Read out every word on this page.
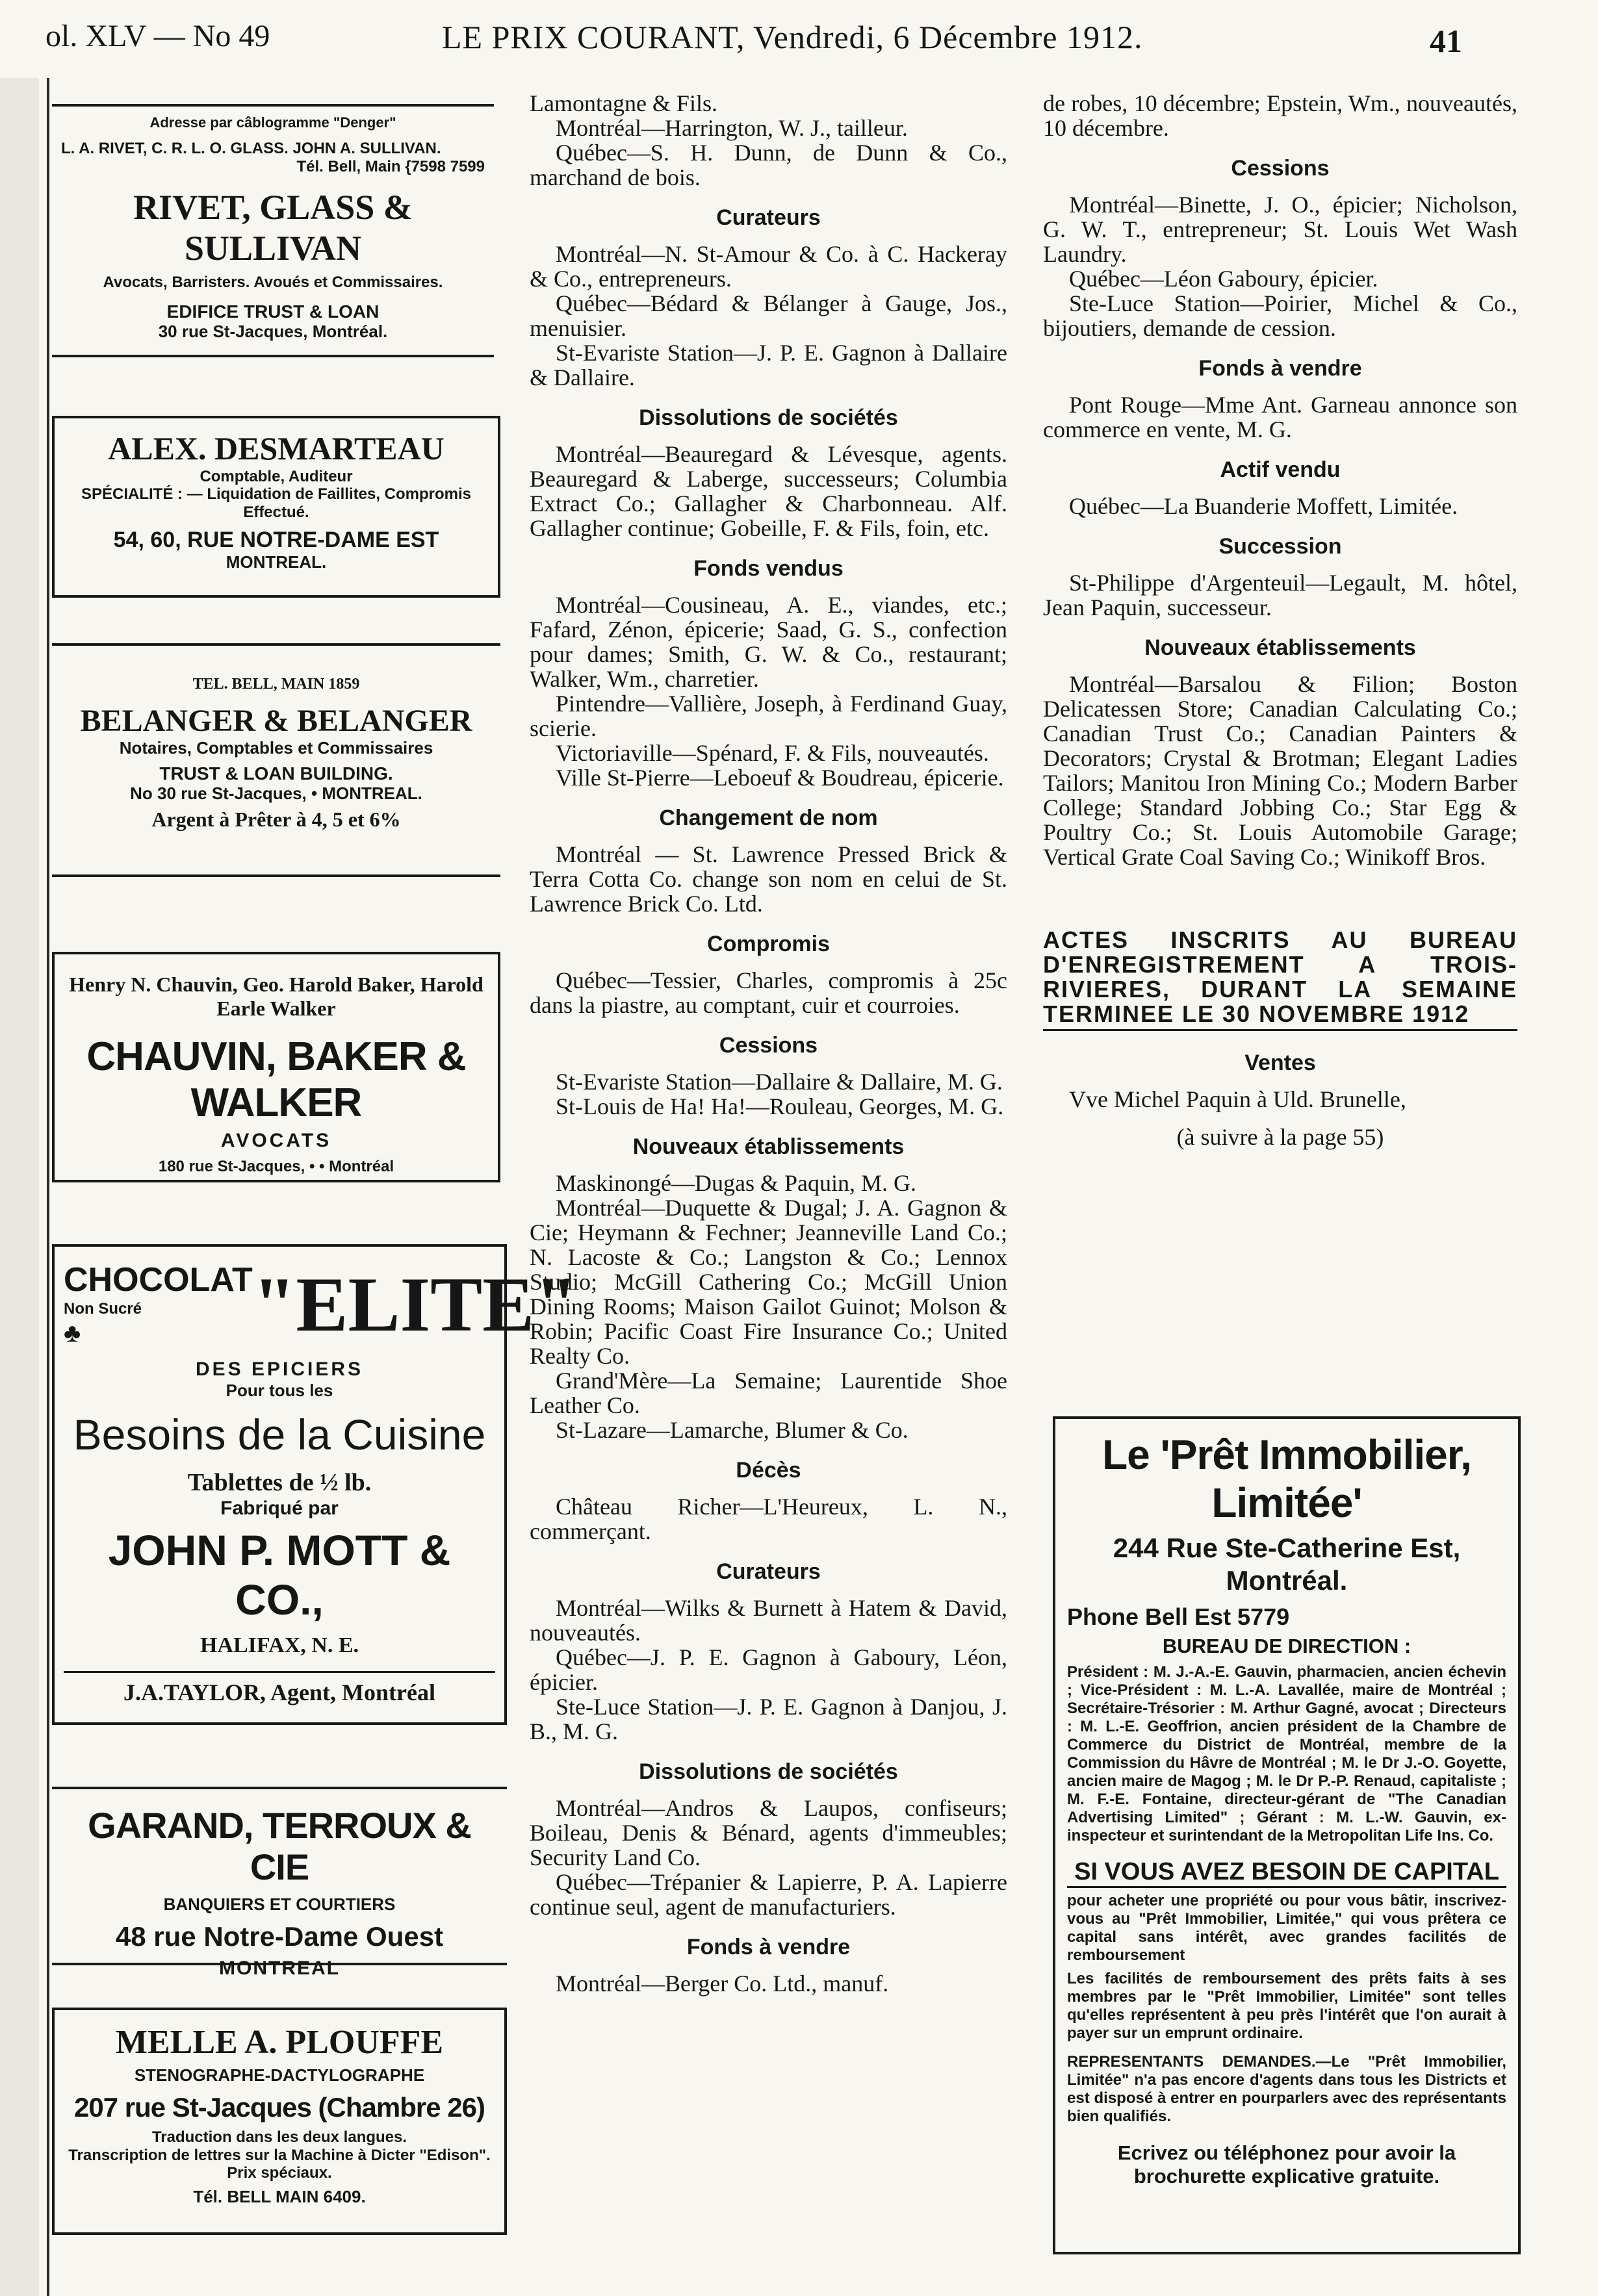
ol. XLV — No 49	LE PRIX COURANT, Vendredi, 6 Décembre 1912.	41
Adresse par câblogramme "Denger"
L. A. RIVET, C. R. L. O. GLASS. JOHN A. SULLIVAN.
Tél. Bell, Main {7598 7599
RIVET, GLASS & SULLIVAN
Avocats, Barristers. Avoués et Commissaires.
EDIFICE TRUST & LOAN
30 rue St-Jacques, Montréal.
ALEX. DESMARTEAU
Comptable, Auditeur
SPÉCIALITÉ : — Liquidation de Faillites, Compromis Effectué.
54, 60, RUE NOTRE-DAME EST
MONTREAL.
TEL. BELL, MAIN 1859
BELANGER & BELANGER
Notaires, Comptables et Commissaires
TRUST & LOAN BUILDING.
No 30 rue St-Jacques, • MONTREAL.
Argent à Prêter à 4, 5 et 6%
Henry N. Chauvin, Geo. Harold Baker, Harold Earle Walker
CHAUVIN, BAKER & WALKER
AVOCATS
180 rue St-Jacques, • • Montréal
CHOCOLAT
Non Sucré
♣	"ELITE"
DES EPICIERS
Pour tous les
Besoins de la Cuisine
Tablettes de ½ lb.
Fabriqué par
JOHN P. MOTT & CO.,
HALIFAX, N. E.
J.A.TAYLOR, Agent, Montréal
GARAND, TERROUX & CIE
BANQUIERS ET COURTIERS
48 rue Notre-Dame Ouest
MONTREAL
MELLE A. PLOUFFE
STENOGRAPHE-DACTYLOGRAPHE
207 rue St-Jacques (Chambre 26)
Traduction dans les deux langues.
Transcription de lettres sur la Machine à Dicter "Edison". Prix spéciaux.
Tél. BELL MAIN 6409.

Lamontagne & Fils.

Montréal—Harrington, W. J., tailleur.

Québec—S. H. Dunn, de Dunn & Co., marchand de bois.

Curateurs

Montréal—N. St-Amour & Co. à C. Hackeray & Co., entrepreneurs.

Québec—Bédard & Bélanger à Gauge, Jos., menuisier.

St-Evariste Station—J. P. E. Gagnon à Dallaire & Dallaire.

Dissolutions de sociétés

Montréal—Beauregard & Lévesque, agents. Beauregard & Laberge, successeurs; Columbia Extract Co.; Gallagher & Charbonneau. Alf. Gallagher continue; Gobeille, F. & Fils, foin, etc.

Fonds vendus

Montréal—Cousineau, A. E., viandes, etc.; Fafard, Zénon, épicerie; Saad, G. S., confection pour dames; Smith, G. W. & Co., restaurant; Walker, Wm., charretier.

Pintendre—Vallière, Joseph, à Ferdinand Guay, scierie.

Victoriaville—Spénard, F. & Fils, nouveautés.

Ville St-Pierre—Leboeuf & Boudreau, épicerie.

Changement de nom

Montréal — St. Lawrence Pressed Brick & Terra Cotta Co. change son nom en celui de St. Lawrence Brick Co. Ltd.

Compromis

Québec—Tessier, Charles, compromis à 25c dans la piastre, au comptant, cuir et courroies.

Cessions

St-Evariste Station—Dallaire & Dallaire, M. G.

St-Louis de Ha! Ha!—Rouleau, Georges, M. G.

Nouveaux établissements

Maskinongé—Dugas & Paquin, M. G.

Montréal—Duquette & Dugal; J. A. Gagnon & Cie; Heymann & Fechner; Jeanneville Land Co.; N. Lacoste & Co.; Langston & Co.; Lennox Studio; McGill Cathering Co.; McGill Union Dining Rooms; Maison Gailot Guinot; Molson & Robin; Pacific Coast Fire Insurance Co.; United Realty Co.

Grand'Mère—La Semaine; Laurentide Shoe Leather Co.

St-Lazare—Lamarche, Blumer & Co.

Décès

Château Richer—L'Heureux, L. N., commerçant.

Curateurs

Montréal—Wilks & Burnett à Hatem & David, nouveautés.

Québec—J. P. E. Gagnon à Gaboury, Léon, épicier.

Ste-Luce Station—J. P. E. Gagnon à Danjou, J. B., M. G.

Dissolutions de sociétés

Montréal—Andros & Laupos, confiseurs; Boileau, Denis & Bénard, agents d'immeubles; Security Land Co.

Québec—Trépanier & Lapierre, P. A. Lapierre continue seul, agent de manufacturiers.

Fonds à vendre

Montréal—Berger Co. Ltd., manuf.

de robes, 10 décembre; Epstein, Wm., nouveautés, 10 décembre.

Cessions

Montréal—Binette, J. O., épicier; Nicholson, G. W. T., entrepreneur; St. Louis Wet Wash Laundry.

Québec—Léon Gaboury, épicier.

Ste-Luce Station—Poirier, Michel & Co., bijoutiers, demande de cession.

Fonds à vendre

Pont Rouge—Mme Ant. Garneau annonce son commerce en vente, M. G.

Actif vendu

Québec—La Buanderie Moffett, Limitée.

Succession

St-Philippe d'Argenteuil—Legault, M. hôtel, Jean Paquin, successeur.

Nouveaux établissements

Montréal—Barsalou & Filion; Boston Delicatessen Store; Canadian Calculating Co.; Canadian Trust Co.; Canadian Painters & Decorators; Crystal & Brotman; Elegant Ladies Tailors; Manitou Iron Mining Co.; Modern Barber College; Standard Jobbing Co.; Star Egg & Poultry Co.; St. Louis Automobile Garage; Vertical Grate Coal Saving Co.; Winikoff Bros.

ACTES INSCRITS AU BUREAU D'ENREGISTREMENT A TROIS-RIVIERES, DURANT LA SEMAINE TERMINEE LE 30 NOVEMBRE 1912
Ventes

Vve Michel Paquin à Uld. Brunelle,

(à suivre à la page 55)
Le 'Prêt Immobilier, Limitée'
244 Rue Ste-Catherine Est,
Montréal.
Phone Bell Est 5779
BUREAU DE DIRECTION :
Président : M. J.-A.-E. Gauvin, pharmacien, ancien échevin ; Vice-Président : M. L.-A. Lavallée, maire de Montréal ; Secrétaire-Trésorier : M. Arthur Gagné, avocat ; Directeurs : M. L.-E. Geoffrion, ancien président de la Chambre de Commerce du District de Montréal, membre de la Commission du Hâvre de Montréal ; M. le Dr J.-O. Goyette, ancien maire de Magog ; M. le Dr P.-P. Renaud, capitaliste ; M. F.-E. Fontaine, directeur-gérant de "The Canadian Advertising Limited" ; Gérant : M. L.-W. Gauvin, ex-inspecteur et surintendant de la Metropolitan Life Ins. Co.
SI VOUS AVEZ BESOIN DE CAPITAL
pour acheter une propriété ou pour vous bâtir, inscrivez-vous au "Prêt Immobilier, Limitée," qui vous prêtera ce capital sans intérêt, avec grandes facilités de remboursement
Les facilités de remboursement des prêts faits à ses membres par le "Prêt Immobilier, Limitée" sont telles qu'elles représentent à peu près l'intérêt que l'on aurait à payer sur un emprunt ordinaire.
REPRESENTANTS DEMANDES.—Le "Prêt Immobilier, Limitée" n'a pas encore d'agents dans tous les Districts et est disposé à entrer en pourparlers avec des représentants bien qualifiés.
Ecrivez ou téléphonez pour avoir la brochurette explicative gratuite.
